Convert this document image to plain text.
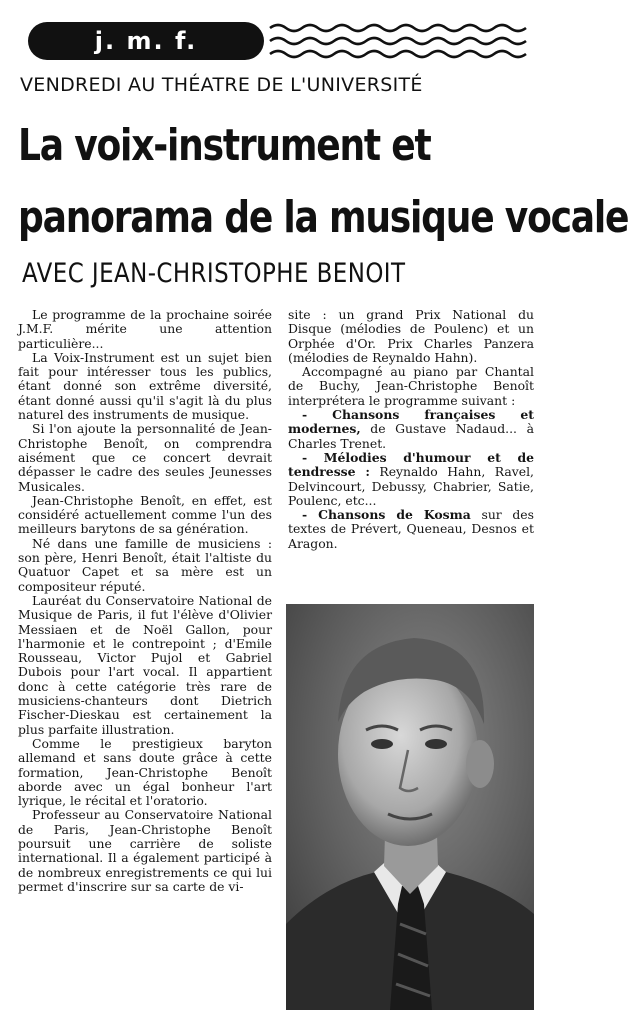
j. m. f.
VENDREDI AU THÉATRE DE L'UNIVERSITÉ
La voix-instrument et
panorama de la musique vocale
AVEC JEAN-CHRISTOPHE BENOIT

Le programme de la prochaine soirée J.M.F. mérite une attention particulière...

La Voix-Instrument est un sujet bien fait pour intéresser tous les publics, étant donné son extrême diversité, étant donné aussi qu'il s'agit là du plus naturel des instruments de musique.

Si l'on ajoute la personnalité de Jean-Christophe Benoît, on comprendra aisément que ce concert devrait dépasser le cadre des seules Jeunesses Musicales.

Jean-Christophe Benoît, en effet, est considéré actuellement comme l'un des meilleurs barytons de sa génération.

Né dans une famille de musiciens : son père, Henri Benoît, était l'altiste du Quatuor Capet et sa mère est un compositeur réputé.

Lauréat du Conservatoire National de Musique de Paris, il fut l'élève d'Olivier Messiaen et de Noël Gallon, pour l'harmonie et le contrepoint ; d'Emile Rousseau, Victor Pujol et Gabriel Dubois pour l'art vocal. Il appartient donc à cette catégorie très rare de musiciens-chanteurs dont Dietrich Fischer-Dieskau est certainement la plus parfaite illustration.

Comme le prestigieux baryton allemand et sans doute grâce à cette formation, Jean-Christophe Benoît aborde avec un égal bonheur l'art lyrique, le récital et l'oratorio.

Professeur au Conservatoire National de Paris, Jean-Christophe Benoît poursuit une carrière de soliste international. Il a également participé à de nombreux enregistrements ce qui lui permet d'inscrire sur sa carte de vi-

site : un grand Prix National du Disque (mélodies de Poulenc) et un Orphée d'Or. Prix Charles Panzera (mélodies de Reynaldo Hahn).

Accompagné au piano par Chantal de Buchy, Jean-Christophe Benoît interprétera le programme suivant :

- Chansons françaises et modernes, de Gustave Nadaud... à Charles Trenet.

- Mélodies d'humour et de tendresse : Reynaldo Hahn, Ravel, Delvincourt, Debussy, Chabrier, Satie, Poulenc, etc...

- Chansons de Kosma sur des textes de Prévert, Queneau, Desnos et Aragon.
